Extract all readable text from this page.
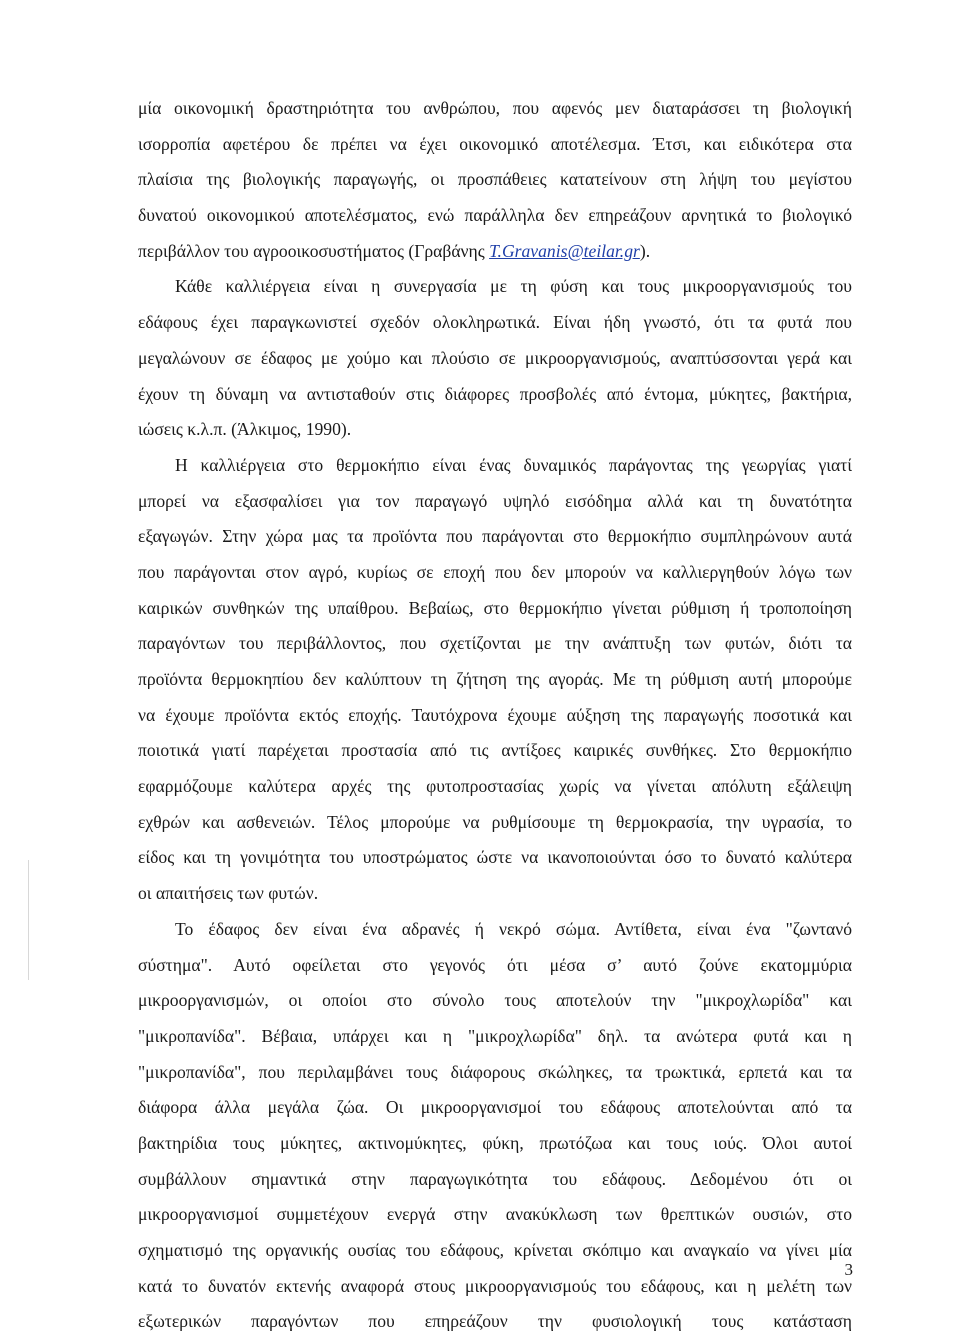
μία οικονομική δραστηριότητα του ανθρώπου, που αφενός μεν διαταράσσει τη βιολογική
ισορροπία αφετέρου δε πρέπει να έχει οικονομικό αποτέλεσμα. Έτσι, και ειδικότερα στα
πλαίσια της βιολογικής παραγωγής, οι προσπάθειες κατατείνουν στη λήψη του μεγίστου
δυνατού οικονομικού αποτελέσματος, ενώ παράλληλα δεν επηρεάζουν αρνητικά το βιολογικό
περιβάλλον του αγροοικοσυστήματος (Γραβάνης T.Gravanis@teilar.gr).
Κάθε καλλιέργεια είναι η συνεργασία με τη φύση και τους μικροοργανισμούς του
εδάφους έχει παραγκωνιστεί σχεδόν ολοκληρωτικά. Είναι ήδη γνωστό, ότι τα φυτά που
μεγαλώνουν σε έδαφος με χούμο και πλούσιο σε μικροοργανισμούς, αναπτύσσονται γερά και
έχουν τη δύναμη να αντισταθούν στις διάφορες προσβολές από έντομα, μύκητες, βακτήρια,
ιώσεις κ.λ.π. (Άλκιμος, 1990).
Η καλλιέργεια στο θερμοκήπιο είναι ένας δυναμικός παράγοντας της γεωργίας γιατί
μπορεί να εξασφαλίσει για τον παραγωγό υψηλό εισόδημα αλλά και τη δυνατότητα
εξαγωγών. Στην χώρα μας τα προϊόντα που παράγονται στο θερμοκήπιο συμπληρώνουν αυτά
που παράγονται στον αγρό, κυρίως σε εποχή που δεν μπορούν να καλλιεργηθούν λόγω των
καιρικών συνθηκών της υπαίθρου. Βεβαίως, στο θερμοκήπιο γίνεται ρύθμιση ή τροποποίηση
παραγόντων του περιβάλλοντος, που σχετίζονται με την ανάπτυξη των φυτών, διότι τα
προϊόντα θερμοκηπίου δεν καλύπτουν τη ζήτηση της αγοράς. Με τη ρύθμιση αυτή μπορούμε
να έχουμε προϊόντα εκτός εποχής. Ταυτόχρονα έχουμε αύξηση της παραγωγής ποσοτικά και
ποιοτικά γιατί παρέχεται προστασία από τις αντίξοες καιρικές συνθήκες. Στο θερμοκήπιο
εφαρμόζουμε καλύτερα αρχές της φυτοπροστασίας χωρίς να γίνεται απόλυτη εξάλειψη
εχθρών και ασθενειών. Τέλος μπορούμε να ρυθμίσουμε τη θερμοκρασία, την υγρασία, το
είδος και τη γονιμότητα του υποστρώματος ώστε να ικανοποιούνται όσο το δυνατό καλύτερα
οι απαιτήσεις των φυτών.
Το έδαφος δεν είναι ένα αδρανές ή νεκρό σώμα. Αντίθετα, είναι ένα "ζωντανό
σύστημα". Αυτό οφείλεται στο γεγονός ότι μέσα σ’ αυτό ζούνε εκατομμύρια
μικροοργανισμών, οι οποίοι στο σύνολο τους αποτελούν την "μικροχλωρίδα" και
"μικροπανίδα". Βέβαια, υπάρχει και η "μικροχλωρίδα" δηλ. τα ανώτερα φυτά και η
"μικροπανίδα", που περιλαμβάνει τους διάφορους σκώληκες, τα τρωκτικά, ερπετά και τα
διάφορα άλλα μεγάλα ζώα. Οι μικροοργανισμοί του εδάφους αποτελούνται από τα
βακτηρίδια τους μύκητες, ακτινομύκητες, φύκη, πρωτόζωα και τους ιούς. Όλοι αυτοί
συμβάλλουν σημαντικά στην παραγωγικότητα του εδάφους. Δεδομένου ότι οι
μικροοργανισμοί συμμετέχουν ενεργά στην ανακύκλωση των θρεπτικών ουσιών, στο
σχηματισμό της οργανικής ουσίας του εδάφους, κρίνεται σκόπιμο και αναγκαίο να γίνει μία
κατά το δυνατόν εκτενής αναφορά στους μικροοργανισμούς του εδάφους, και η μελέτη των
εξωτερικών παραγόντων που επηρεάζουν την φυσιολογική τους κατάσταση
3
